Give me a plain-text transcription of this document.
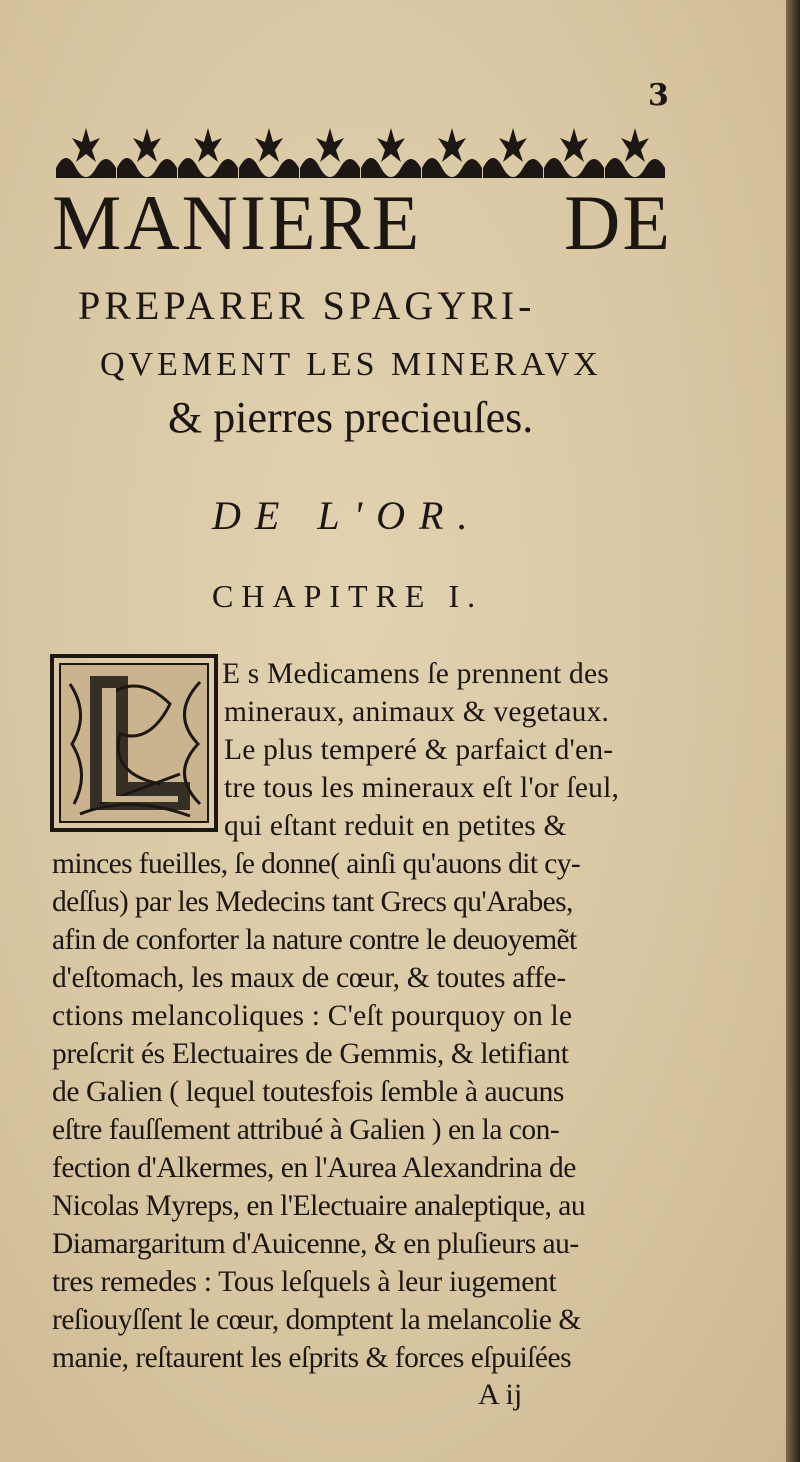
3
MANIERE DE
PREPARER SPAGYRI-
QVEMENT LES MINERAVX
& pierres precieuſes.
DE L'OR.
CHAPITRE I.
E s Medicamens ſe prennent des
mineraux, animaux & vegetaux.
Le plus temperé & parfaict d'en-
tre tous les mineraux eſt l'or ſeul,
qui eſtant reduit en petites &
minces fueilles, ſe donne( ainſi qu'auons dit cy-
deſſus) par les Medecins tant Grecs qu'Arabes,
afin de conforter la nature contre le deuoyemẽt
d'eſtomach, les maux de cœur, & toutes affe-
ctions melancoliques : C'eſt pourquoy on le
preſcrit és Electuaires de Gemmis, & letifiant
de Galien ( lequel toutesfois ſemble à aucuns
eſtre fauſſement attribué à Galien ) en la con-
fection d'Alkermes, en l'Aurea Alexandrina de
Nicolas Myreps, en l'Electuaire analeptique, au
Diamargaritum d'Auicenne, & en pluſieurs au-
tres remedes : Tous leſquels à leur iugement
reſiouyſſent le cœur, domptent la melancolie &
manie, reſtaurent les eſprits & forces eſpuiſées
A ij
